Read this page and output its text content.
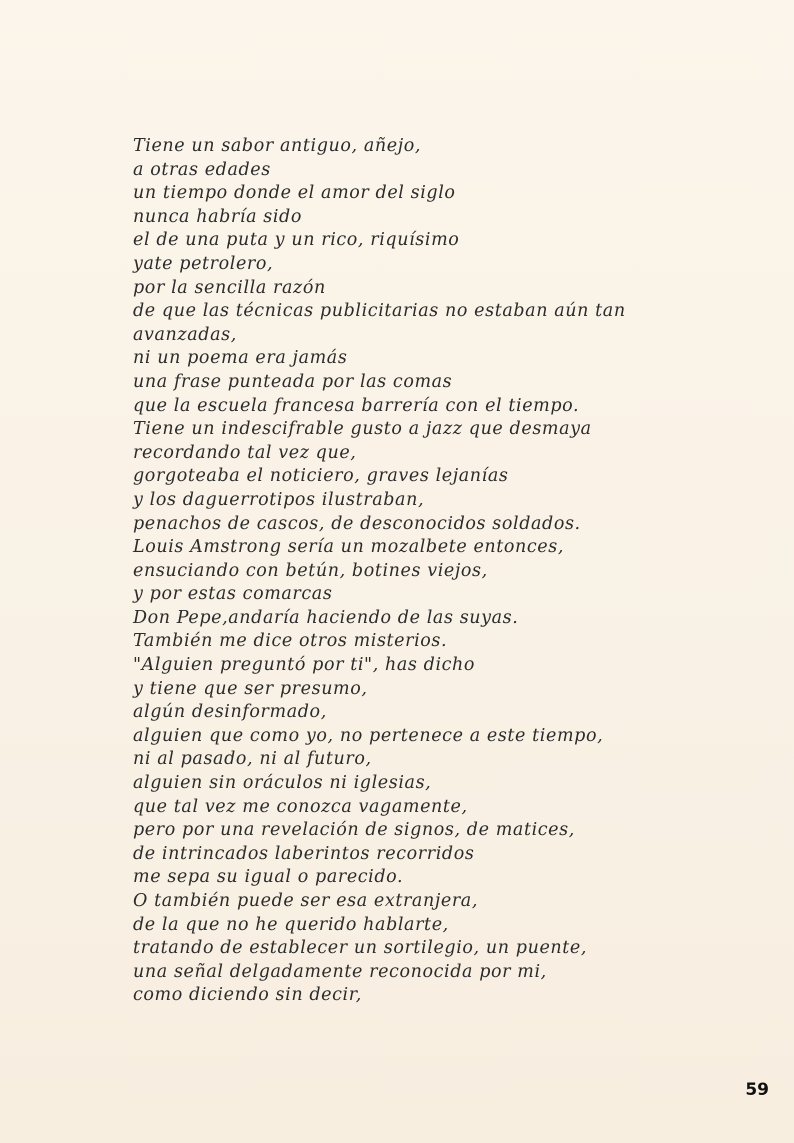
Tiene un sabor antiguo, añejo,
a otras edades
un tiempo donde el amor del siglo
nunca habría sido
el de una puta y un rico, riquísimo
yate petrolero,
por la sencilla razón
de que las técnicas publicitarias no estaban aún tan
avanzadas,
ni un poema era jamás
una frase punteada por las comas
que la escuela francesa barrería con el tiempo.
Tiene un indescifrable gusto a jazz que desmaya
recordando tal vez que,
gorgoteaba el noticiero, graves lejanías
y los daguerrotipos ilustraban,
penachos de cascos, de desconocidos soldados.
Louis Amstrong sería un mozalbete entonces,
ensuciando con betún, botines viejos,
y por estas comarcas
Don Pepe,andaría haciendo de las suyas.
También me dice otros misterios.
"Alguien preguntó por ti", has dicho
y tiene que ser presumo,
algún desinformado,
alguien que como yo, no pertenece a este tiempo,
ni al pasado, ni al futuro,
alguien sin oráculos ni iglesias,
que tal vez me conozca vagamente,
pero por una revelación de signos, de matices,
de intrincados laberintos recorridos
me sepa su igual o parecido.
O también puede ser esa extranjera,
de la que no he querido hablarte,
tratando de establecer un sortilegio, un puente,
una señal delgadamente reconocida por mi,
como diciendo sin decir,
59
